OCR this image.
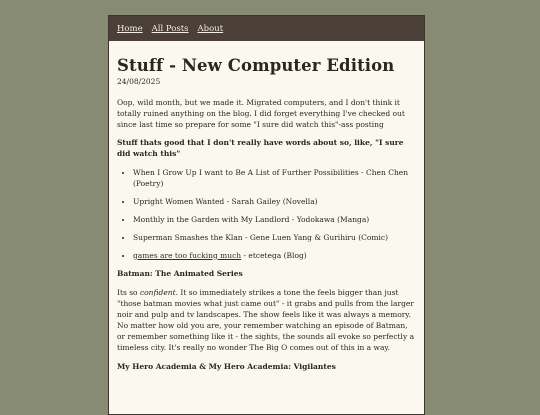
Home All Posts About
Stuff - New Computer Edition
24/08/2025

Oop, wild month, but we made it. Migrated computers, and I don't think it totally ruined anything on the blog. I did forget everything I've checked out since last time so prepare for some "I sure did watch this"-ass posting

Stuff thats good that I don't really have words about so, like, "I sure did watch this"

• When I Grow Up I want to Be A List of Further Possibilities - Chen Chen (Poetry)
• Upright Women Wanted - Sarah Gailey (Novella)
• Monthly in the Garden with My Landlord - Yodokawa (Manga)
• Superman Smashes the Klan - Gene Luen Yang & Gurihiru (Comic)
• games are too fucking much - etcetega (Blog)

Batman: The Animated Series

Its so confident. It so immediately strikes a tone the feels bigger than just "those batman movies what just came out" - it grabs and pulls from the larger noir and pulp and tv landscapes. The show feels like it was always a memory. No matter how old you are, your remember watching an episode of Batman, or remember something like it - the sights, the sounds all evoke so perfectly a timeless city. It's really no wonder The Big O comes out of this in a way.

My Hero Academia & My Hero Academia: Vigilantes
